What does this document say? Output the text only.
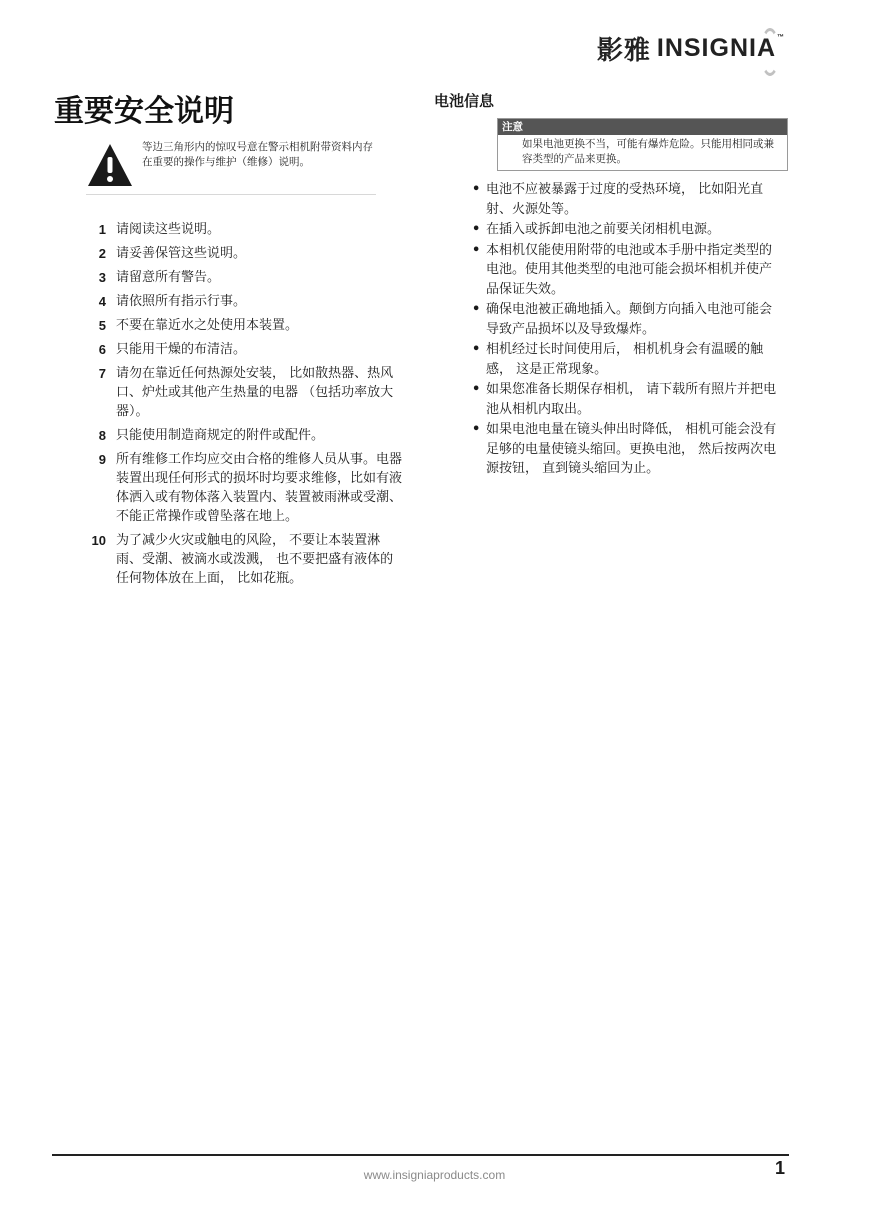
影雅 INSIGNIA™
重要安全说明
等边三角形内的惊叹号意在警示相机附带资料内存在重要的操作与维护（维修）说明。
1 请阅读这些说明。
2 请妥善保管这些说明。
3 请留意所有警告。
4 请依照所有指示行事。
5 不要在靠近水之处使用本装置。
6 只能用干燥的布清洁。
7 请勿在靠近任何热源处安装， 比如散热器、热风口、炉灶或其他产生热量的电器 （包括功率放大器）。
8 只能使用制造商规定的附件或配件。
9 所有维修工作均应交由合格的维修人员从事。电器装置出现任何形式的损坏时均要求维修，比如有液体洒入或有物体落入装置内、装置被雨淋或受潮、不能正常操作或曾坠落在地上。
10 为了减少火灾或触电的风险， 不要让本装置淋雨、受潮、被滴水或泼溅， 也不要把盛有液体的任何物体放在上面， 比如花瓶。
电池信息
注意
如果电池更换不当，可能有爆炸危险。只能用相同或兼容类型的产品来更换。
• 电池不应被暴露于过度的受热环境， 比如阳光直射、火源处等。
• 在插入或拆卸电池之前要关闭相机电源。
• 本相机仅能使用附带的电池或本手册中指定类型的电池。使用其他类型的电池可能会损坏相机并使产品保证失效。
• 确保电池被正确地插入。颠倒方向插入电池可能会导致产品损坏以及导致爆炸。
• 相机经过长时间使用后， 相机机身会有温暖的触感， 这是正常现象。
• 如果您准备长期保存相机， 请下载所有照片并把电池从相机内取出。
• 如果电池电量在镜头伸出时降低， 相机可能会没有足够的电量使镜头缩回。更换电池， 然后按两次电源按钮， 直到镜头缩回为止。
www.insigniaproducts.com	1
